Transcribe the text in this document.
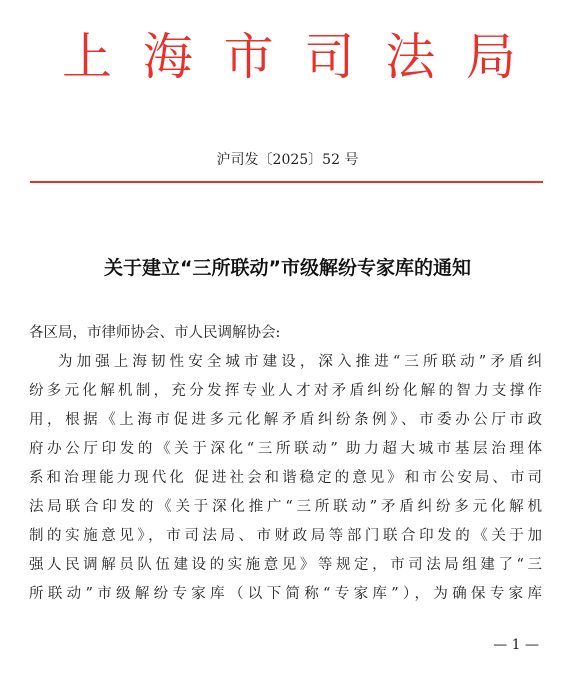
上海市司法局
沪司发〔2025〕52 号
关于建立“三所联动”市级解纷专家库的通知
各区局，市律师协会、市人民调解协会:
为加强上海韧性安全城市建设，深入推进“三所联动”矛盾纠
纷多元化解机制，充分发挥专业人才对矛盾纠纷化解的智力支撑作
用，根据《上海市促进多元化解矛盾纠纷条例》、市委办公厅市政
府办公厅印发的《关于深化“三所联动” 助力超大城市基层治理体
系和治理能力现代化 促进社会和谐稳定的意见》和市公安局、市司
法局联合印发的《关于深化推广“三所联动”矛盾纠纷多元化解机
制的实施意见》，市司法局、市财政局等部门联合印发的《关于加
强人民调解员队伍建设的实施意见》等规定，市司法局组建了“三
所联动”市级解纷专家库（以下简称“专家库”），为确保专家库
— 1 —
